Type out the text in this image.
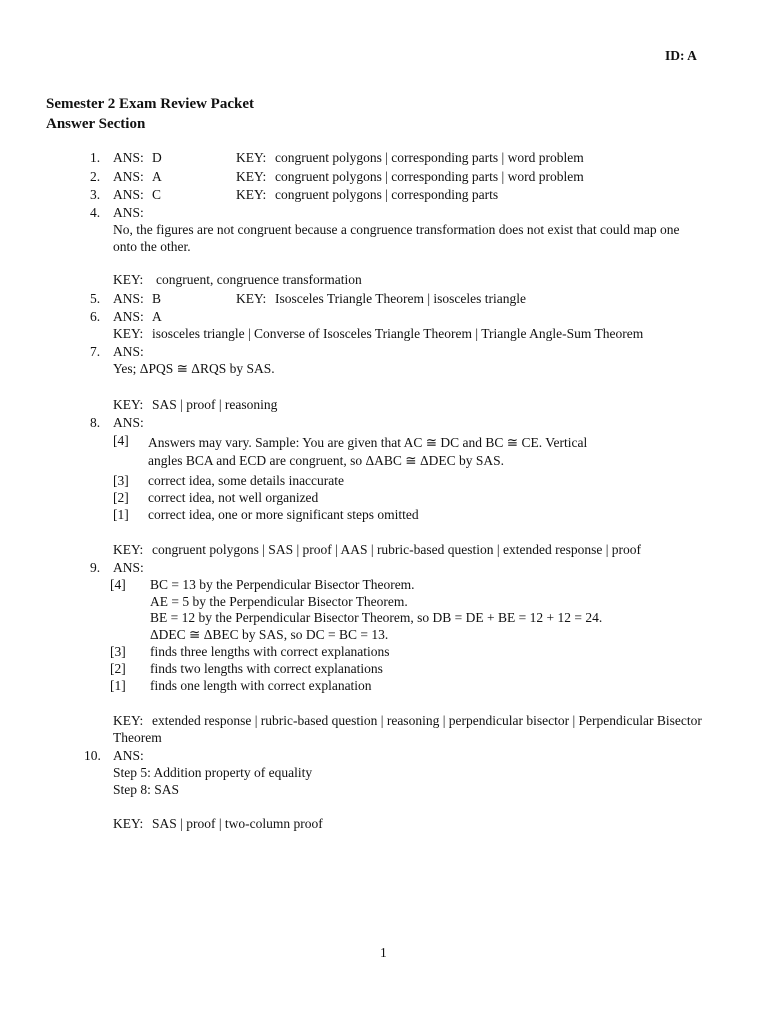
ID: A
Semester 2 Exam Review Packet
Answer Section
1. ANS: D	KEY: congruent polygons | corresponding parts | word problem
2. ANS: A	KEY: congruent polygons | corresponding parts | word problem
3. ANS: C	KEY: congruent polygons | corresponding parts
4. ANS:
No, the figures are not congruent because a congruence transformation does not exist that could map one
onto the other.
KEY: congruent, congruence transformation
5. ANS: B	KEY: Isosceles Triangle Theorem | isosceles triangle
6. ANS: A
KEY: isosceles triangle | Converse of Isosceles Triangle Theorem | Triangle Angle-Sum Theorem
7. ANS:
Yes; ΔPQS ≅ ΔRQS by SAS.
KEY: SAS | proof | reasoning
8. ANS:
[4] Answers may vary. Sample: You are given that AC ≅ DC and BC ≅ CE. Vertical
angles BCA and ECD are congruent, so ΔABC ≅ ΔDEC by SAS.
[3] correct idea, some details inaccurate
[2] correct idea, not well organized
[1] correct idea, one or more significant steps omitted
KEY: congruent polygons | SAS | proof | AAS | rubric-based question | extended response | proof
9. ANS:
[4] BC = 13 by the Perpendicular Bisector Theorem.
AE = 5 by the Perpendicular Bisector Theorem.
BE = 12 by the Perpendicular Bisector Theorem, so DB = DE + BE = 12 + 12 = 24.
ΔDEC ≅ ΔBEC by SAS, so DC = BC = 13.
[3] finds three lengths with correct explanations
[2] finds two lengths with correct explanations
[1] finds one length with correct explanation
KEY: extended response | rubric-based question | reasoning | perpendicular bisector | Perpendicular Bisector
Theorem
10. ANS:
Step 5: Addition property of equality
Step 8: SAS
KEY: SAS | proof | two-column proof
1
